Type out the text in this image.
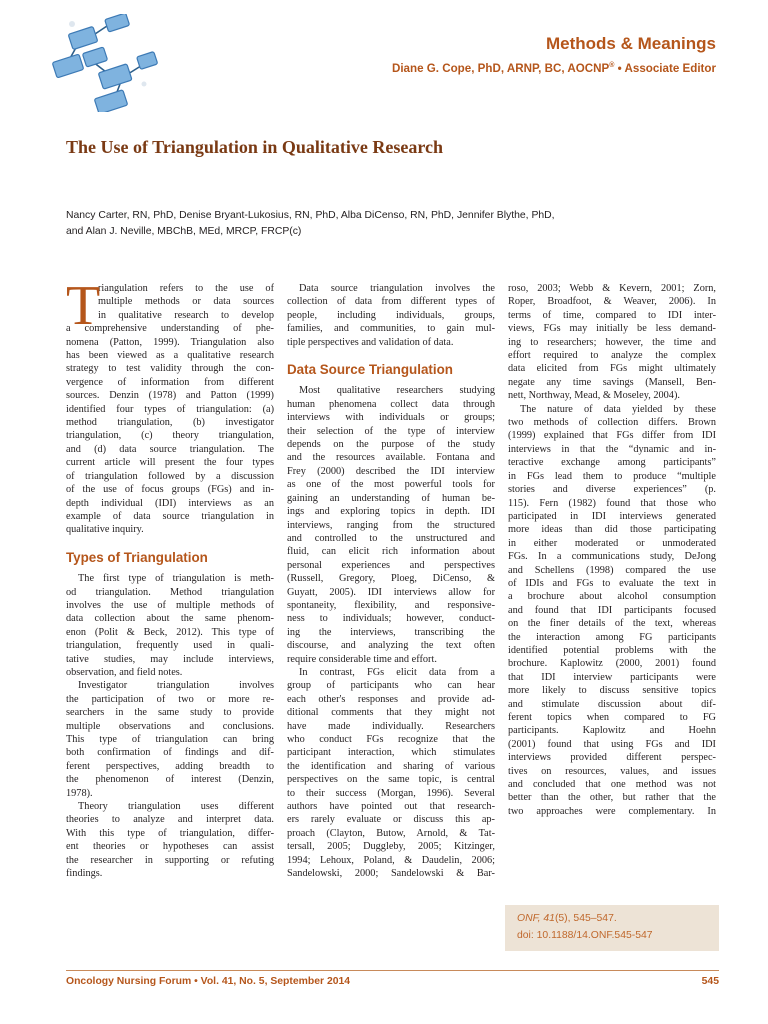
Methods & Meanings
Diane G. Cope, PhD, ARNP, BC, AOCNP® • Associate Editor
The Use of Triangulation in Qualitative Research
Nancy Carter, RN, PhD, Denise Bryant-Lukosius, RN, PhD, Alba DiCenso, RN, PhD, Jennifer Blythe, PhD,
and Alan J. Neville, MBChB, MEd, MRCP, FRCP(c)
T
riangulation refers to the use of
multiple methods or data sources
in qualitative research to develop
a comprehensive understanding of phe-
nomena (Patton, 1999). Triangulation also
has been viewed as a qualitative research
strategy to test validity through the con-
vergence of information from different
sources. Denzin (1978) and Patton (1999)
identified four types of triangulation: (a)
method triangulation, (b) investigator
triangulation, (c) theory triangulation,
and (d) data source triangulation. The
current article will present the four types
of triangulation followed by a discussion
of the use of focus groups (FGs) and in-
depth individual (IDI) interviews as an
example of data source triangulation in
qualitative inquiry.
Types of Triangulation
The first type of triangulation is meth-
od triangulation. Method triangulation
involves the use of multiple methods of
data collection about the same phenom-
enon (Polit & Beck, 2012). This type of
triangulation, frequently used in quali-
tative studies, may include interviews,
observation, and field notes.
Investigator triangulation involves
the participation of two or more re-
searchers in the same study to provide
multiple observations and conclusions.
This type of triangulation can bring
both confirmation of findings and dif-
ferent perspectives, adding breadth to
the phenomenon of interest (Denzin,
1978).
Theory triangulation uses different
theories to analyze and interpret data.
With this type of triangulation, differ-
ent theories or hypotheses can assist
the researcher in supporting or refuting
findings.
Data source triangulation involves the
collection of data from different types of
people, including individuals, groups,
families, and communities, to gain mul-
tiple perspectives and validation of data.
Data Source Triangulation
Most qualitative researchers studying
human phenomena collect data through
interviews with individuals or groups;
their selection of the type of interview
depends on the purpose of the study
and the resources available. Fontana and
Frey (2000) described the IDI interview
as one of the most powerful tools for
gaining an understanding of human be-
ings and exploring topics in depth. IDI
interviews, ranging from the structured
and controlled to the unstructured and
fluid, can elicit rich information about
personal experiences and perspectives
(Russell, Gregory, Ploeg, DiCenso, &
Guyatt, 2005). IDI interviews allow for
spontaneity, flexibility, and responsive-
ness to individuals; however, conduct-
ing the interviews, transcribing the
discourse, and analyzing the text often
require considerable time and effort.
In contrast, FGs elicit data from a
group of participants who can hear
each other's responses and provide ad-
ditional comments that they might not
have made individually. Researchers
who conduct FGs recognize that the
participant interaction, which stimulates
the identification and sharing of various
perspectives on the same topic, is central
to their success (Morgan, 1996). Several
authors have pointed out that research-
ers rarely evaluate or discuss this ap-
proach (Clayton, Butow, Arnold, & Tat-
tersall, 2005; Duggleby, 2005; Kitzinger,
1994; Lehoux, Poland, & Daudelin, 2006;
Sandelowski, 2000; Sandelowski & Bar-
roso, 2003; Webb & Kevern, 2001; Zorn,
Roper, Broadfoot, & Weaver, 2006). In
terms of time, compared to IDI inter-
views, FGs may initially be less demand-
ing to researchers; however, the time and
effort required to analyze the complex
data elicited from FGs might ultimately
negate any time savings (Mansell, Ben-
nett, Northway, Mead, & Moseley, 2004).
The nature of data yielded by these
two methods of collection differs. Brown
(1999) explained that FGs differ from IDI
interviews in that the “dynamic and in-
teractive exchange among participants”
in FGs lead them to produce “multiple
stories and diverse experiences” (p.
115). Fern (1982) found that those who
participated in IDI interviews generated
more ideas than did those participating
in either moderated or unmoderated
FGs. In a communications study, DeJong
and Schellens (1998) compared the use
of IDIs and FGs to evaluate the text in
a brochure about alcohol consumption
and found that IDI participants focused
on the finer details of the text, whereas
the interaction among FG participants
identified potential problems with the
brochure. Kaplowitz (2000, 2001) found
that IDI interview participants were
more likely to discuss sensitive topics
and stimulate discussion about dif-
ferent topics when compared to FG
participants. Kaplowitz and Hoehn
(2001) found that using FGs and IDI
interviews provided different perspec-
tives on resources, values, and issues
and concluded that one method was not
better than the other, but rather that the
two approaches were complementary. In
ONF, 41(5), 545–547.
doi: 10.1188/14.ONF.545-547
Oncology Nursing Forum • Vol. 41, No. 5, September 2014	545
